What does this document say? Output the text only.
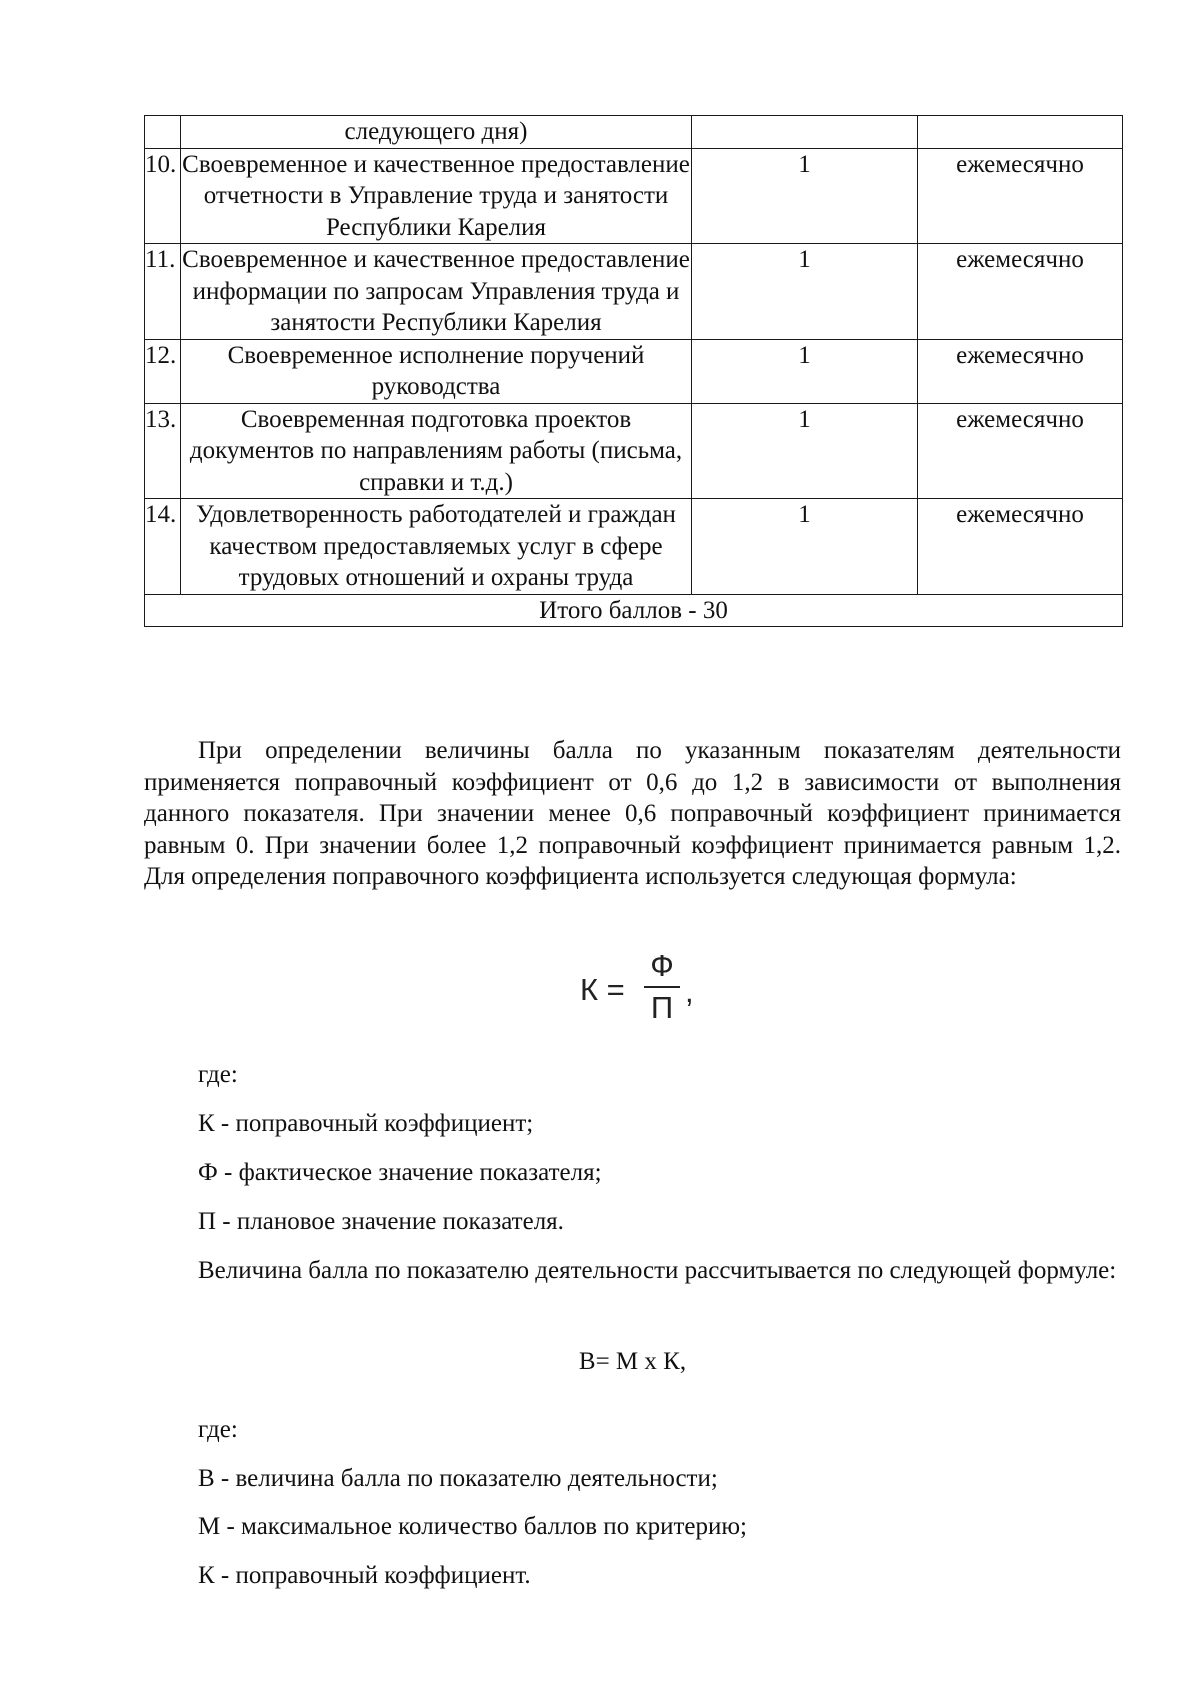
	следующего дня)		
10.	Своевременное и качественное предоставление отчетности в Управление труда и занятости Республики Карелия	1	ежемесячно
11.	Своевременное и качественное предоставление информации по запросам Управления труда и занятости Республики Карелия	1	ежемесячно
12.	Своевременное исполнение поручений руководства	1	ежемесячно
13.	Своевременная подготовка проектов документов по направлениям работы (письма, справки и т.д.)	1	ежемесячно
14.	Удовлетворенность работодателей и граждан качеством предоставляемых услуг в сфере трудовых отношений и охраны труда	1	ежемесячно
Итого баллов - 30			

При определении величины балла по указанным показателям деятельности применяется поправочный коэффициент от 0,6 до 1,2 в зависимости от выполнения данного показателя. При значении менее 0,6 поправочный коэффициент принимается равным 0. При значении более 1,2 поправочный коэффициент принимается равным 1,2. Для определения поправочного коэффициента используется следующая формула:

К =
Ф
П ,

где:

К - поправочный коэффициент;

Ф - фактическое значение показателя;

П - плановое значение показателя.

Величина балла по показателю деятельности рассчитывается по следующей формуле:

В= М х К,

где:

В - величина балла по показателю деятельности;

М - максимальное количество баллов по критерию;

К - поправочный коэффициент.
